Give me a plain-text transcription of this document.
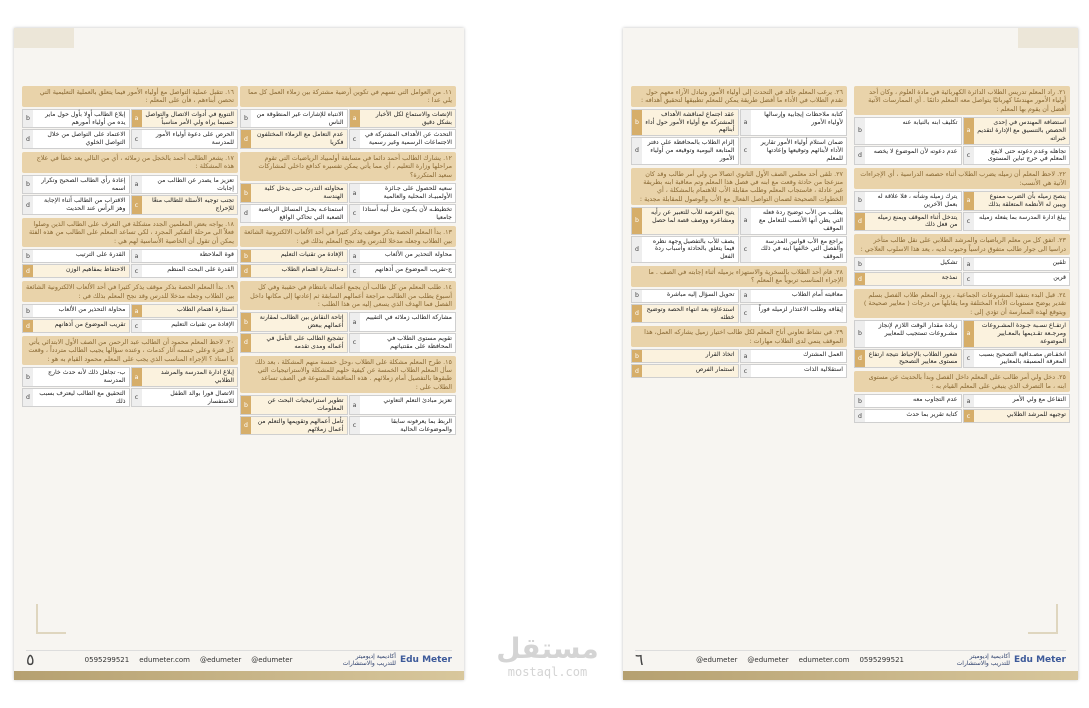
١١. من العوامل التي تسهم في تكوين أرضية مشتركة بين زملاء العمل كل مما يلي عدا :
الإنصات والاستماع لكل الأخبار بشكل دقيق
a
الانتباه للإشارات غير المنطوقة من الناس
b
التحدث عن الأهداف المشتركة في الاجتماعات الرسمية وغير رسمية
c
عدم التعامل مع الزملاء المختلفون فكريا
d
١٢. يشارك الطالب أحمد دائما في مسابقة أولمبياد الرياضيات التي تقوم مراحلها وزارة التعليم ، أي مما يأتي يمكن تفسيره كدافع داخلي لمشاركات سعيد المتكررة؟
سعيه للحصول على جـائزة الأولمبيـاد المحلية والعالمية
a
محاولته التدرب حتى يدخل كلية الهندسة
b
تخطيطـه لأن يكـون مثل أبيه أستاذا جامعيا
c
استمتاعـه بحـل المسائل الرياضية الصعبة التي تحاكي الواقع
d
١٣. بدأ المعلم الحصة بذكر موقف يذكر كثيرا في أحد الألعاب الالكترونية الشائعة بين الطلاب وجعله مدخلا للدرس وقد نجح المعلم بذلك في :
محاولة التحذير من الألعاب
a
الإفادة من تقنيات التعليم
b
ج-تقريب الموضوع من أذهانهم
c
د-استثارة اهتمام الطلاب
d
١٤. طلب المعلم من كل طالب أن يجمع أعماله بانتظام في حقيبة وفي كل أسبوع يطلب من الطالب مراجعة أعمالهم السابقة ثم إعادتها إلى مكانها داخل الفصل فما الهدف الذي يسعى إليه من هذا الطلب :
مشاركة الطالب زملائه في التقييم
a
إتاحة النقاش بين الطالب لمقارنة أعمالهم ببعض
b
تقويم مستوى الطلاب في المحافظة على مقتنياتهم
c
تشجيع الطالب على التأمل في أعماله ومدى تقدمه
d
١٥. طرح المعلم مشكلة على الطلاب ،وحل خمسة منهم المشكلة ، بعد ذلك سأل المعلم الطلاب الخمسة عن كيفية حلهم للمشكلة والاستراتيجيات التي طبقوها بالتفصيل أمام زملائهم . هذه المناقشة المتنوعة في الصف تساعد الطلاب على :
تعزيز مبادئ التعلم التعاوني
a
تطوير استراتيجيات البحث عن المعلومات
b
الربط بما يعرفونه سابقا والموضوعات الحالية
c
تأمل أعمالهم وتقويمها والتعلم من أعمال زملائهم
d
١٦. تتقبل عملية التواصل مع أولياء الأمور فيما يتعلق بالعملية التعليمية التي تحصن أبناءهم ، فأن على المعلم :
التنويع في أدوات الاتصال والتواصل حسبما يراه ولي الأمر مناسباً
a
إبلاغ الطالب أولا بأول حول ماير يده من أولياء أمورهم
b
الحرص على دعوة أولياء الأمور للمدرسة
c
الاعتماد على التواصل من خلال التواصل الخلوي
d
١٧. يشعر الطالب أحمد بالخجل من زملائه ، أي من التالي يعد خطأ في علاج هذه المشكلة :
تعزيز ما يصدر عن الطالب من إجابات
a
إعادة رأي الطالب الصحيح وتكرار اسمه
b
تجنب توجيه الأسئلة للطالب منعًا للإحراج
c
الاقتراب من الطالب أثناء الإجابة وهز الرأس عند الحديث
d
١٨. يواجه بعض المعلمين الجدد مشكلة في التعرف على الطالب الذين وصلوا فعلاً الى مرحلة التفكير المجرد ، لكي تساعد المعلم على الطالب من هذه الفئة يمكن أن تقول أن الخاصية الأساسية لهم هي :
قوة الملاحظة
a
القدرة على الترتيب
b
القدرة على البحث المنظم
c
الاحتفاظ بمفاهيم الوزن
d
١٩. بدأ المعلم الحصة بذكر موقف يذكر كثيرا في أحد الألعاب الالكترونية الشائعة بين الطلاب وجعله مدخلا للدرس وقد نجح المعلم بذلك في :
استثارة اهتمام الطلاب
a
محاولة التحذير من الألعاب
b
الإفادة من تقنيات التعليم
c
تقريب الموضوع من أذهانهم
d
٢٠. لاحظ المعلم محمود أن الطالب عبد الرحمن من الصف الأول الابتدائي يأتي كل فترة وعلى جسمه آثار كدمات ، وعنده سؤالها يجيب الطالب متردداً ، وقعت يا استاذ ؟ الإجراء المناسب الذي يجب على المعلم محمود القيام به هو :
إبلاغ ادارة المدرسة والمرشد الطلابي
a
ب- تجاهل ذلك لأنه حدث خارج المدرسة
b
الاتصال فورا بوالد الطفل للاستفسار
c
التحقيق مع الطالب ليعترف بسبب ذلك
d
٥	0595299521 edumeter.com @edumeter @edumeter	أكاديمية إديوميتر
للتدريب والاستشارات Edu Meter
٢١. راد المعلم تدريس الطلاب الدائرة الكهربائية في مادة العلوم ، وكان أحد أولياء الأمور مهندسًا كهربائيًا يتواصل معه المعلم دائمًا . أي الممارسات الآتية أفضل أن يقوم بها المعلم :
استضافة المهندس في إحدى الحصص بالتنسيق مع الإدارة لتقديم خبراته
a
تكليف ابنه بالنيابة عنه
b
تجاهله وعدم دعوته حتى لايقع المعلم في حرج تباين المستوى
c
عدم دعوته لأن الموضوع لا يخصه
d
٢٢. لاحظ المعلم أن زميله يضرب الطلاب أثناء حصصه الدراسية ، أي الإجراءات الآتية هي الأنسب:
ينصح زميله بأن الضرب ممنوع ويبين له الأنظمة المتعلقة بذلك
a
يترك زميله وشأنه ، فلا علاقة له بعمل الآخرين
b
يبلغ ادارة المدرسة بما يفعله زميله
c
يتدخل أثناء الموقف ويمنع زميله من فعل ذلك
d
٢٣. اتفق كل من معلم الرياضيات والمرشد الطلابي على نقل طالب متأخر دراسيا الى جوار طالب متفوق دراسياً وحبوب لديه ، يعد هذا الاسلوب العلاجي :
تلقين
a
تشكيل
b
قرين
c
نمذجة
d
٢٤. قبل البدء بتنفيذ المشروعات الجماعية ، يزود المعلم طلاب الفصل بسلم تقدير يوضح مستويات الأداء المختلفة وما يقابلها من درجات ( معايير صحيحة ) ويتوقع لهذه الممارسة أن تؤدي إلى :
ارتفـاع نسـبة جـودة المشـروعات ومرجـعة تقـديمها بالمعـايير الموضوعة
a
زيادة مقدار الوقت اللازم لإنجاز مشـروعات تستجيب للمعايير
b
انخفـاض مصـداقية التصحيح بسبب المعرفة المسبقة بالمعايير
c
شعور الطلاب بالإحباط نتيجة ارتفاع مستوى معايير التصحيح
d
٢٥. دخل ولي أمر طالب على المعلم داخل الفصل وبدأ بالحديث عن مستوى ابنه ، ما التصرف الذي ينبغي على المعلم القيام به :
التفاعل مع ولي الأمر
a
عدم التجاوب معه
b
توجيهه للمرشد الطلابي
c
كتابة تقرير بما حدث
d
٢٦. يرغب المعلم خالد في التحدث إلى أولياء الأمور وتبادل الآراء معهم حول تقدم الطلاب في الأداء ما أفضل طريقة يمكن للمعلم تطبيقها لتحقيق أهدافه :
كتابة ملاحظات إيجابية وإرسالها لأولياء الأمور
a
عقد اجتماع لمناقشة الأهداف المشتركة مع أولياء الأمور حول أداء أبنائهم
b
ضمان استلام أولياء الأمور تقارير الأداء لأبنائهم وتوقيعها وإعادتها للمعلم
c
إلزام الطلاب بالمحافظة على دفتر المتابعة اليومية وتوقيعه من أولياء الأمور
d
٢٧. تلقى أحد معلمي الصف الأول الثانوي اتصالا من ولي أمر طالب وقد كان منزعجا من حادثة وقعت مع ابنه في فصل هذا المعلم وتم معاقبة ابنه بطريقة غير عادلة ، فاستجاب المعلم وطلب مقابلة الأب للاهتمام بالمشكلة ، أي الخطوات الصحيحة لضمان التواصل الفعال مع الأب والوصول للمقابلة مجدية :
يطلب من الأب توضيح ردة فعله التي يظن أنها الأنسب للتعامل مع الموقف
a
يتيح الفرصة للأب للتعبير عن رأيه ومشاعره ووصف قصة لما حصل
b
يراجع مع الأب قوانين المدرسة والفصل التي خالفها ابنه في ذلك الموقف
c
يصف للأب بالتفصيل وجهة نظره فيما يتعلق بالحادثة وأسباب ردة الفعل
d
٢٨. قام أحد الطلاب بالسخرية والاستهزاء بزميله أثناء إجابته في الصف . ما الإجراء المناسب تربوياً مع المعلم ؟
معاقبته أمام الطلاب
a
تحويل السؤال إليه مباشرة
b
إيقافه وطلب الاعتذار لزميله فوراً
c
استدعاؤه بعد انتهاء الحصة وتوضيح خطئه
d
٢٩. في نشاط تعاوني أتاح المعلم لكل طالب اختيار زميل يشاركه العمل، هذا الموقف ينمي لدى الطلاب مهارات :
العمل المشترك
a
اتخاذ القرار
b
استقلالية الذات
c
استثمار الفرص
d
٦	@edumeter @edumeter edumeter.com 0595299521	أكاديمية إديوميتر
للتدريب والاستشارات Edu Meter
مستقل
mostaql.com
